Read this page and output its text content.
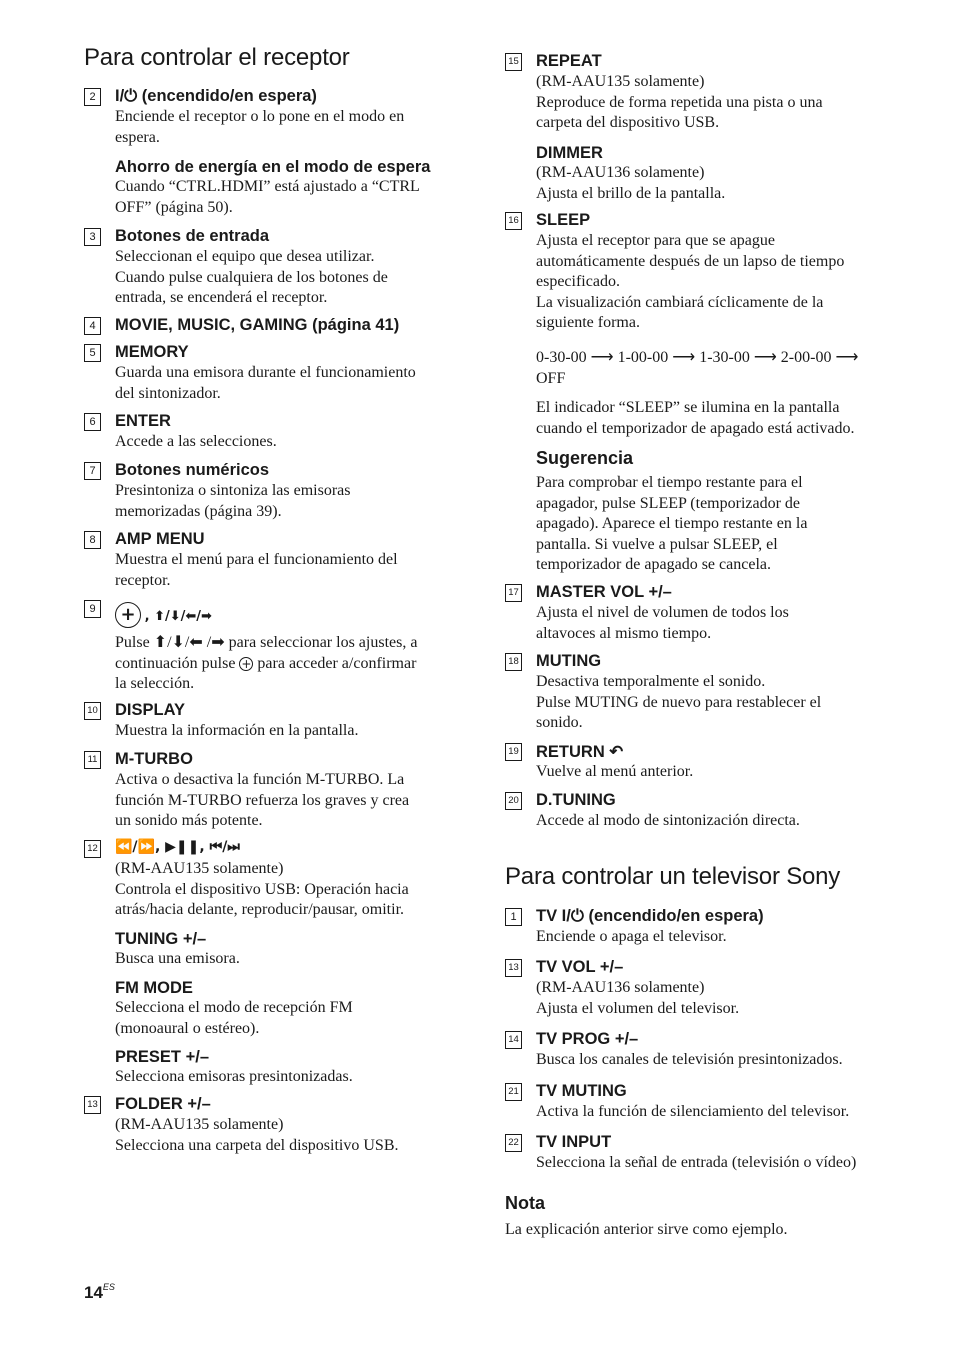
Para controlar el receptor
2	I/⏻ (encendido/en espera)
Enciende el receptor o lo pone en el modo en
espera.
Ahorro de energía en el modo de espera
Cuando “CTRL.HDMI” está ajustado a “CTRL
OFF” (página 50).
3	Botones de entrada
Seleccionan el equipo que desea utilizar.
Cuando pulse cualquiera de los botones de
entrada, se encenderá el receptor.
4	MOVIE, MUSIC, GAMING (página 41)
5	MEMORY
Guarda una emisora durante el funcionamiento
del sintonizador.
6	ENTER
Accede a las selecciones.
7	Botones numéricos
Presintoniza o sintoniza las emisoras
memorizadas (página 39).
8	AMP MENU
Muestra el menú para el funcionamiento del
receptor.
9 +	, ⬆/⬇/⬅/➡
Pulse ⬆/⬇/⬅ /➡ para seleccionar los ajustes, a
continuación pulse + para acceder a/confirmar
la selección.
10 DISPLAY
Muestra la información en la pantalla.
11 M-TURBO
Activa o desactiva la función M-TURBO. La
función M-TURBO refuerza los graves y crea
un sonido más potente.
12 ⏪/⏩, ▶❚❚, ⏮/⏭
(RM-AAU135 solamente)
Controla el dispositivo USB: Operación hacia
atrás/hacia delante, reproducir/pausar, omitir.
TUNING +/–
Busca una emisora.
FM MODE
Selecciona el modo de recepción FM
(monoaural o estéreo).
PRESET +/–
Selecciona emisoras presintonizadas.
13 FOLDER +/–
(RM-AAU135 solamente)
Selecciona una carpeta del dispositivo USB.
15 REPEAT
(RM-AAU135 solamente)
Reproduce de forma repetida una pista o una
carpeta del dispositivo USB.
DIMMER
(RM-AAU136 solamente)
Ajusta el brillo de la pantalla.
16 SLEEP
Ajusta el receptor para que se apague
automáticamente después de un lapso de tiempo
especificado.
La visualización cambiará cíclicamente de la
siguiente forma.
0-30-00 ⟶ 1-00-00 ⟶ 1-30-00 ⟶ 2-00-00 ⟶
OFF
El indicador “SLEEP” se ilumina en la pantalla
cuando el temporizador de apagado está activado.
Sugerencia
Para comprobar el tiempo restante para el
apagador, pulse SLEEP (temporizador de
apagado). Aparece el tiempo restante en la
pantalla. Si vuelve a pulsar SLEEP, el
temporizador de apagado se cancela.
17 MASTER VOL +/–
Ajusta el nivel de volumen de todos los
altavoces al mismo tiempo.
18 MUTING
Desactiva temporalmente el sonido.
Pulse MUTING de nuevo para restablecer el
sonido.
19 RETURN ↶
Vuelve al menú anterior.
20 D.TUNING
Accede al modo de sintonización directa.
Para controlar un televisor Sony
1	TV I/⏻ (encendido/en espera)
Enciende o apaga el televisor.
13 TV VOL +/–
(RM-AAU136 solamente)
Ajusta el volumen del televisor.
14 TV PROG +/–
Busca los canales de televisión presintonizados.
21 TV MUTING
Activa la función de silenciamiento del televisor.
22 TV INPUT
Selecciona la señal de entrada (televisión o vídeo)
Nota
La explicación anterior sirve como ejemplo.
$14^{ES}$
